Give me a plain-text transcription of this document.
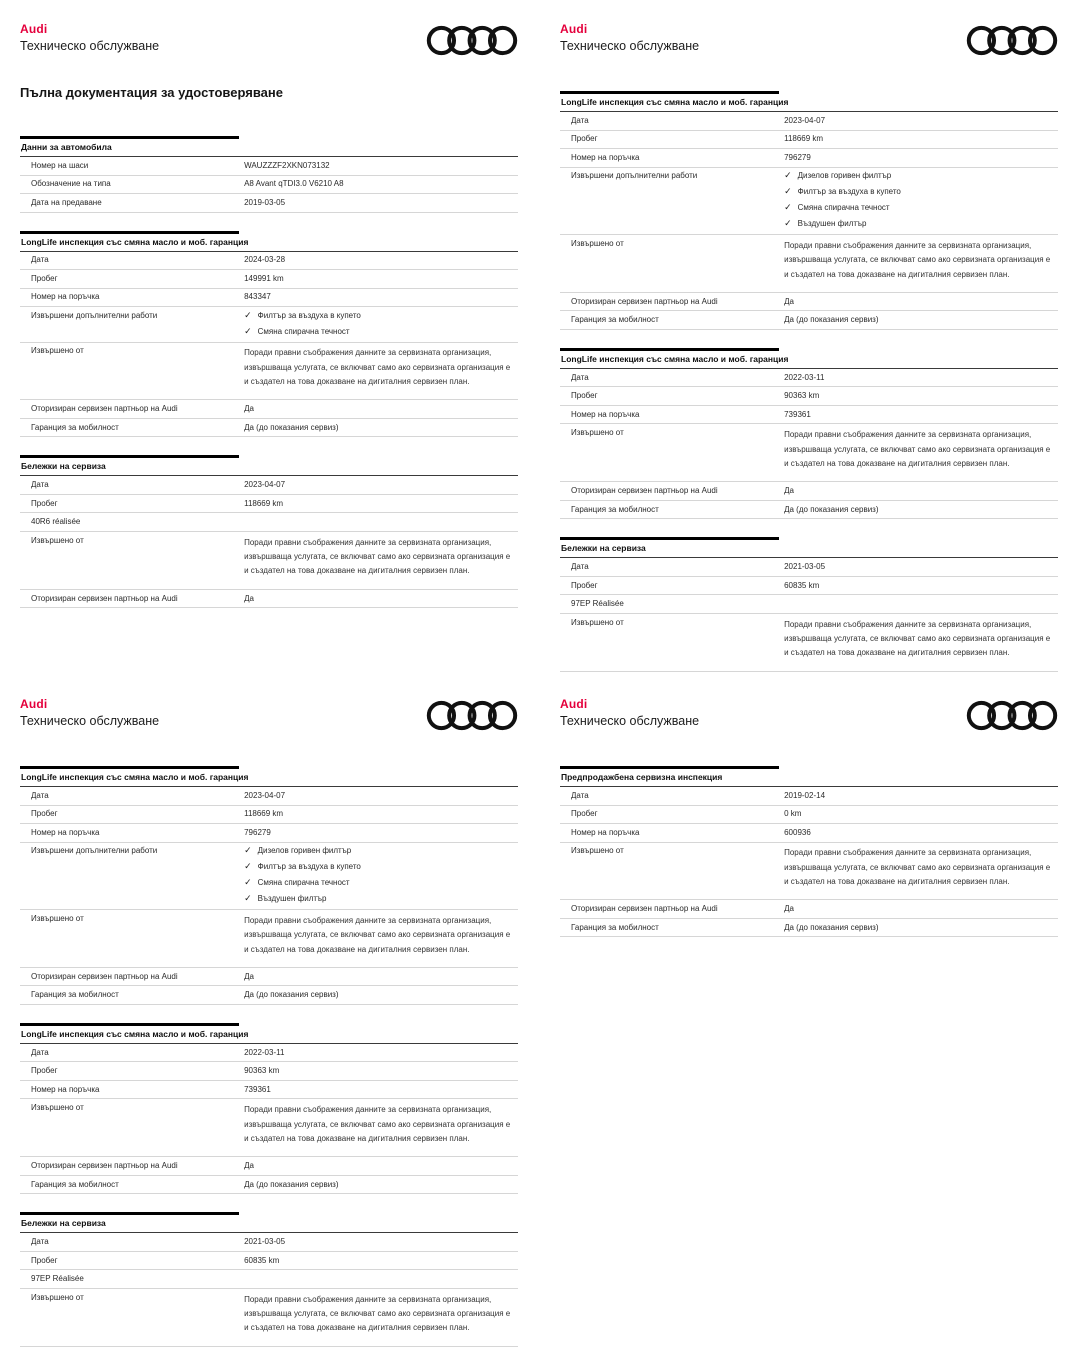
Audi
Техническо обслужване
Пълна документация за удостоверяване
Данни за автомобила
Номер на шаси	WAUZZZF2XKN073132
Обозначение на типа	A8 Avant qTDI3.0 V6210 A8
Дата на предаване	2019-03-05
LongLife инспекция със смяна масло и моб. гаранция
Дата	2024-03-28
Пробег	149991 km
Номер на поръчка	843347
Извършени допълнителни работи	✓ Филтър за въздуха в купето
✓ Смяна спирачна течност
Извършено от	Поради правни съображения данните за сервизната организация, извършваща услугата, се включват само ако сервизната организация е и създател на това доказване на дигиталния сервизен план.
Оторизиран сервизен партньор на Audi	Да
Гаранция за мобилност	Да (до показания сервиз)
Бележки на сервиза
Дата	2023-04-07
Пробег	118669 km
40R6 réalisée
Извършено от	Поради правни съображения данните за сервизната организация, извършваща услугата, се включват само ако сервизната организация е и създател на това доказване на дигиталния сервизен план.
Оторизиран сервизен партньор на Audi	Да
Audi
Техническо обслужване
LongLife инспекция със смяна масло и моб. гаранция
Дата	2023-04-07
Пробег	118669 km
Номер на поръчка	796279
Извършени допълнителни работи	✓ Дизелов горивен филтър
✓ Филтър за въздуха в купето
✓ Смяна спирачна течност
✓ Въздушен филтър
Извършено от	Поради правни съображения данните за сервизната организация, извършваща услугата, се включват само ако сервизната организация е и създател на това доказване на дигиталния сервизен план.
Оторизиран сервизен партньор на Audi	Да
Гаранция за мобилност	Да (до показания сервиз)
LongLife инспекция със смяна масло и моб. гаранция
Дата	2022-03-11
Пробег	90363 km
Номер на поръчка	739361
Извършено от	Поради правни съображения данните за сервизната организация, извършваща услугата, се включват само ако сервизната организация е и създател на това доказване на дигиталния сервизен план.
Оторизиран сервизен партньор на Audi	Да
Гаранция за мобилност	Да (до показания сервиз)
Бележки на сервиза
Дата	2021-03-05
Пробег	60835 km
97EP Réalisée
Извършено от	Поради правни съображения данните за сервизната организация, извършваща услугата, се включват само ако сервизната организация е и създател на това доказване на дигиталния сервизен план.
Audi
Техническо обслужване
LongLife инспекция със смяна масло и моб. гаранция
Дата	2023-04-07
Пробег	118669 km
Номер на поръчка	796279
Извършени допълнителни работи	✓ Дизелов горивен филтър
✓ Филтър за въздуха в купето
✓ Смяна спирачна течност
✓ Въздушен филтър
Извършено от	Поради правни съображения данните за сервизната организация, извършваща услугата, се включват само ако сервизната организация е и създател на това доказване на дигиталния сервизен план.
Оторизиран сервизен партньор на Audi	Да
Гаранция за мобилност	Да (до показания сервиз)
LongLife инспекция със смяна масло и моб. гаранция
Дата	2022-03-11
Пробег	90363 km
Номер на поръчка	739361
Извършено от	Поради правни съображения данните за сервизната организация, извършваща услугата, се включват само ако сервизната организация е и създател на това доказване на дигиталния сервизен план.
Оторизиран сервизен партньор на Audi	Да
Гаранция за мобилност	Да (до показания сервиз)
Бележки на сервиза
Дата	2021-03-05
Пробег	60835 km
97EP Réalisée
Извършено от	Поради правни съображения данните за сервизната организация, извършваща услугата, се включват само ако сервизната организация е и създател на това доказване на дигиталния сервизен план.
Audi
Техническо обслужване
Предпродажбена сервизна инспекция
Дата	2019-02-14
Пробег	0 km
Номер на поръчка	600936
Извършено от	Поради правни съображения данните за сервизната организация, извършваща услугата, се включват само ако сервизната организация е и създател на това доказване на дигиталния сервизен план.
Оторизиран сервизен партньор на Audi	Да
Гаранция за мобилност	Да (до показания сервиз)
